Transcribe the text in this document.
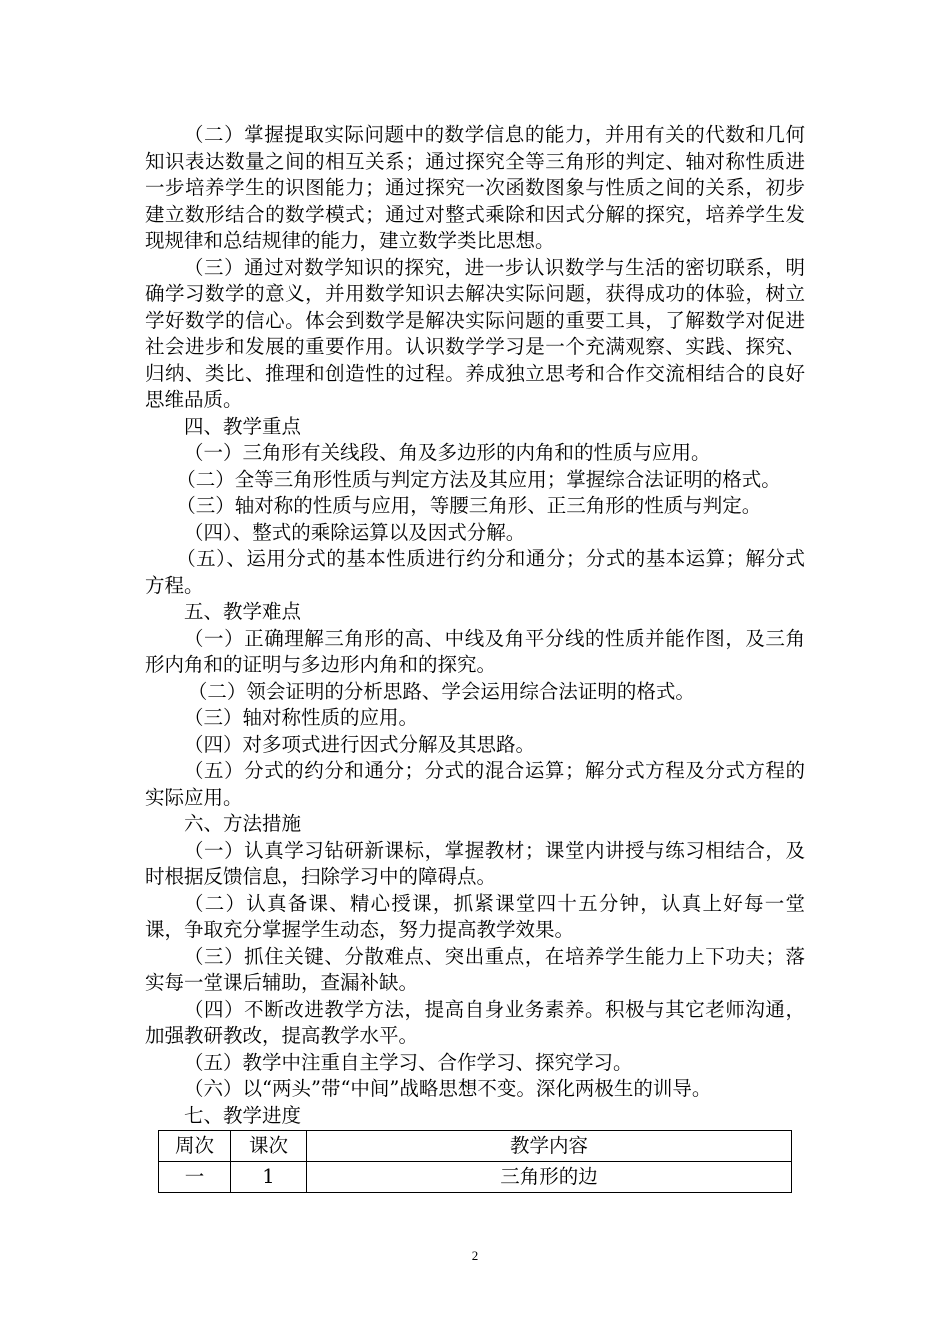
（二）掌握提取实际问题中的数学信息的能力，并用有关的代数和几何知识表达数量之间的相互关系；通过探究全等三角形的判定、轴对称性质进一步培养学生的识图能力；通过探究一次函数图象与性质之间的关系，初步建立数形结合的数学模式；通过对整式乘除和因式分解的探究，培养学生发现规律和总结规律的能力，建立数学类比思想。

（三）通过对数学知识的探究，进一步认识数学与生活的密切联系，明确学习数学的意义，并用数学知识去解决实际问题，获得成功的体验，树立学好数学的信心。体会到数学是解决实际问题的重要工具，了解数学对促进社会进步和发展的重要作用。认识数学学习是一个充满观察、实践、探究、归纳、类比、推理和创造性的过程。养成独立思考和合作交流相结合的良好思维品质。

四、教学重点

（一）三角形有关线段、角及多边形的内角和的性质与应用。

（二）全等三角形性质与判定方法及其应用；掌握综合法证明的格式。

（三）轴对称的性质与应用，等腰三角形、正三角形的性质与判定。

（四）、整式的乘除运算以及因式分解。

（五）、运用分式的基本性质进行约分和通分；分式的基本运算；解分式方程。

五、教学难点

（一）正确理解三角形的高、中线及角平分线的性质并能作图，及三角形内角和的证明与多边形内角和的探究。

（二）领会证明的分析思路、学会运用综合法证明的格式。

（三）轴对称性质的应用。

（四）对多项式进行因式分解及其思路。

（五）分式的约分和通分；分式的混合运算；解分式方程及分式方程的实际应用。

六、方法措施

（一）认真学习钻研新课标，掌握教材；课堂内讲授与练习相结合，及时根据反馈信息，扫除学习中的障碍点。

（二）认真备课、精心授课，抓紧课堂四十五分钟，认真上好每一堂课，争取充分掌握学生动态，努力提高教学效果。

（三）抓住关键、分散难点、突出重点，在培养学生能力上下功夫；落实每一堂课后辅助，查漏补缺。

（四）不断改进教学方法，提高自身业务素养。积极与其它老师沟通，加强教研教改，提高教学水平。

（五）教学中注重自主学习、合作学习、探究学习。

（六）以“两头”带“中间”战略思想不变。深化两极生的训导。

七、教学进度

周次	课次	教学内容
一	1	三角形的边
2
